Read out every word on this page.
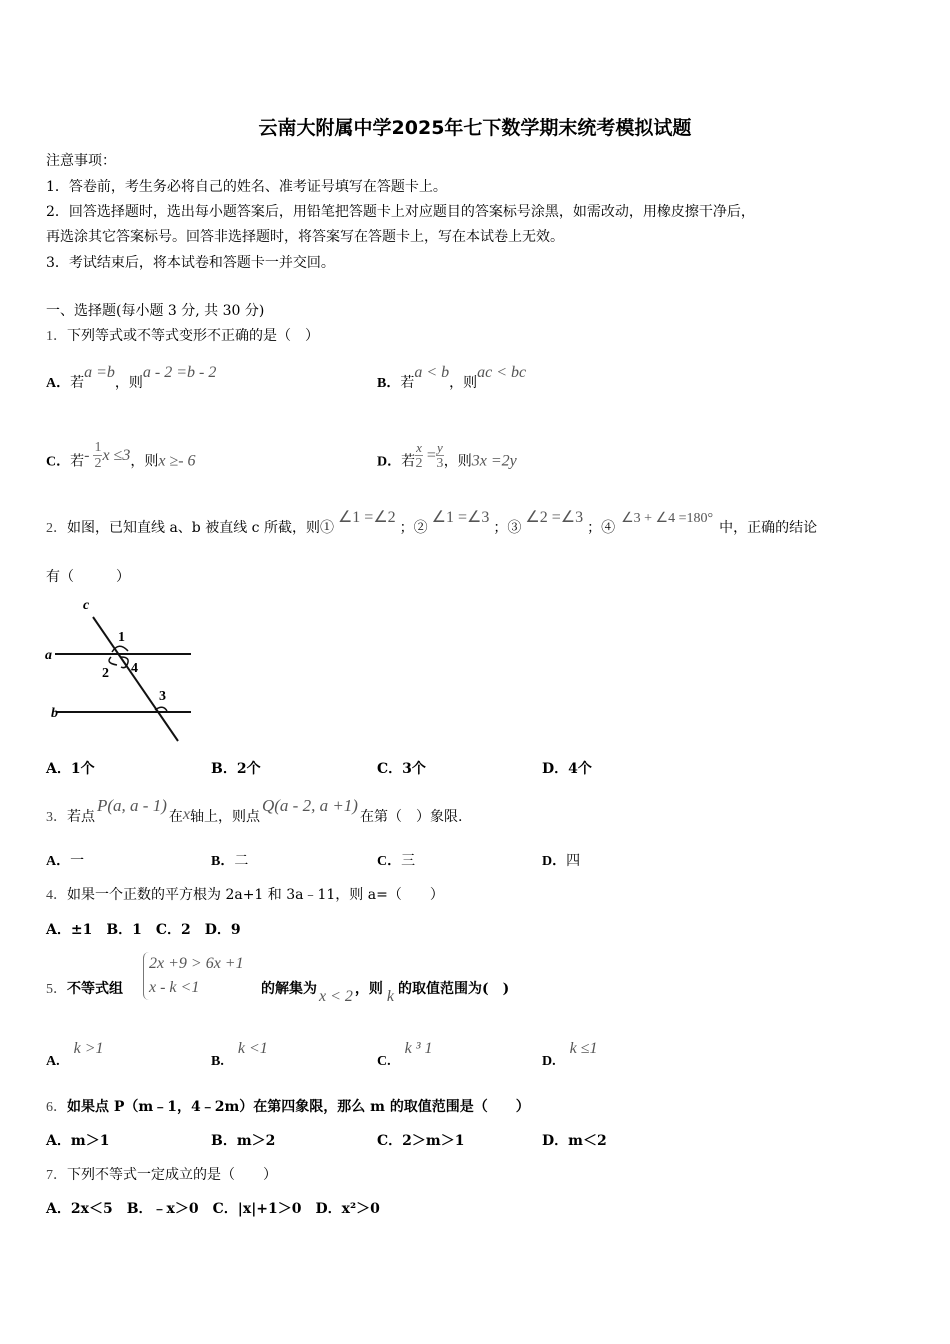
云南大附属中学2025年七下数学期末统考模拟试题
注意事项：
1．答卷前，考生务必将自己的姓名、准考证号填写在答题卡上。
2．回答选择题时，选出每小题答案后，用铅笔把答题卡上对应题目的答案标号涂黑，如需改动，用橡皮擦干净后，
再选涂其它答案标号。回答非选择题时，将答案写在答题卡上，写在本试卷上无效。
3．考试结束后，将本试卷和答题卡一并交回。
一、选择题(每小题 3 分, 共 30 分)
1．下列等式或不等式变形不正确的是（　）
A．若a =b，则a - 2 =b - 2
B．若a < b，则ac < bc
C．若- $\frac{1}{2}$ x ≤3，则x ≥- 6	D．若 $\frac{x}{2} = \frac{y}{3}$ ，则3x =2y
2．如图，已知直线 a、b 被直线 c 所截，则①∠1 =∠2；②∠1 =∠3；③∠2 =∠3；④∠3 + ∠4 =180°中，正确的结论
有（　　　）
c
a
b
1
2
3
4
A．1个	B．2个	C．3个	D．4个
3．若点P(a, a - 1)在x轴上，则点Q(a - 2, a +1)在第（　）象限.
A．一	B．二	C．三	D．四
4．如果一个正数的平方根为 2a+1 和 3a﹣11，则 a=（　　）
A．±1　B．1　C．2　D．9
5．不等式组
2x +9 > 6x +1
x - k <1	的解集为 x < 2 ，则 k 的取值范围为(　)
A.k >1
B.k <1
C.k ³ 1
D.k ≤1
6．如果点 P（m﹣1，4﹣2m）在第四象限，那么 m 的取值范围是（　　）
A．m＞1	B．m＞2	C．2＞m＞1	D．m＜2
7．下列不等式一定成立的是（　　）
A．2x＜5　B．﹣x＞0　C．|x|+1＞0　D．x²＞0
